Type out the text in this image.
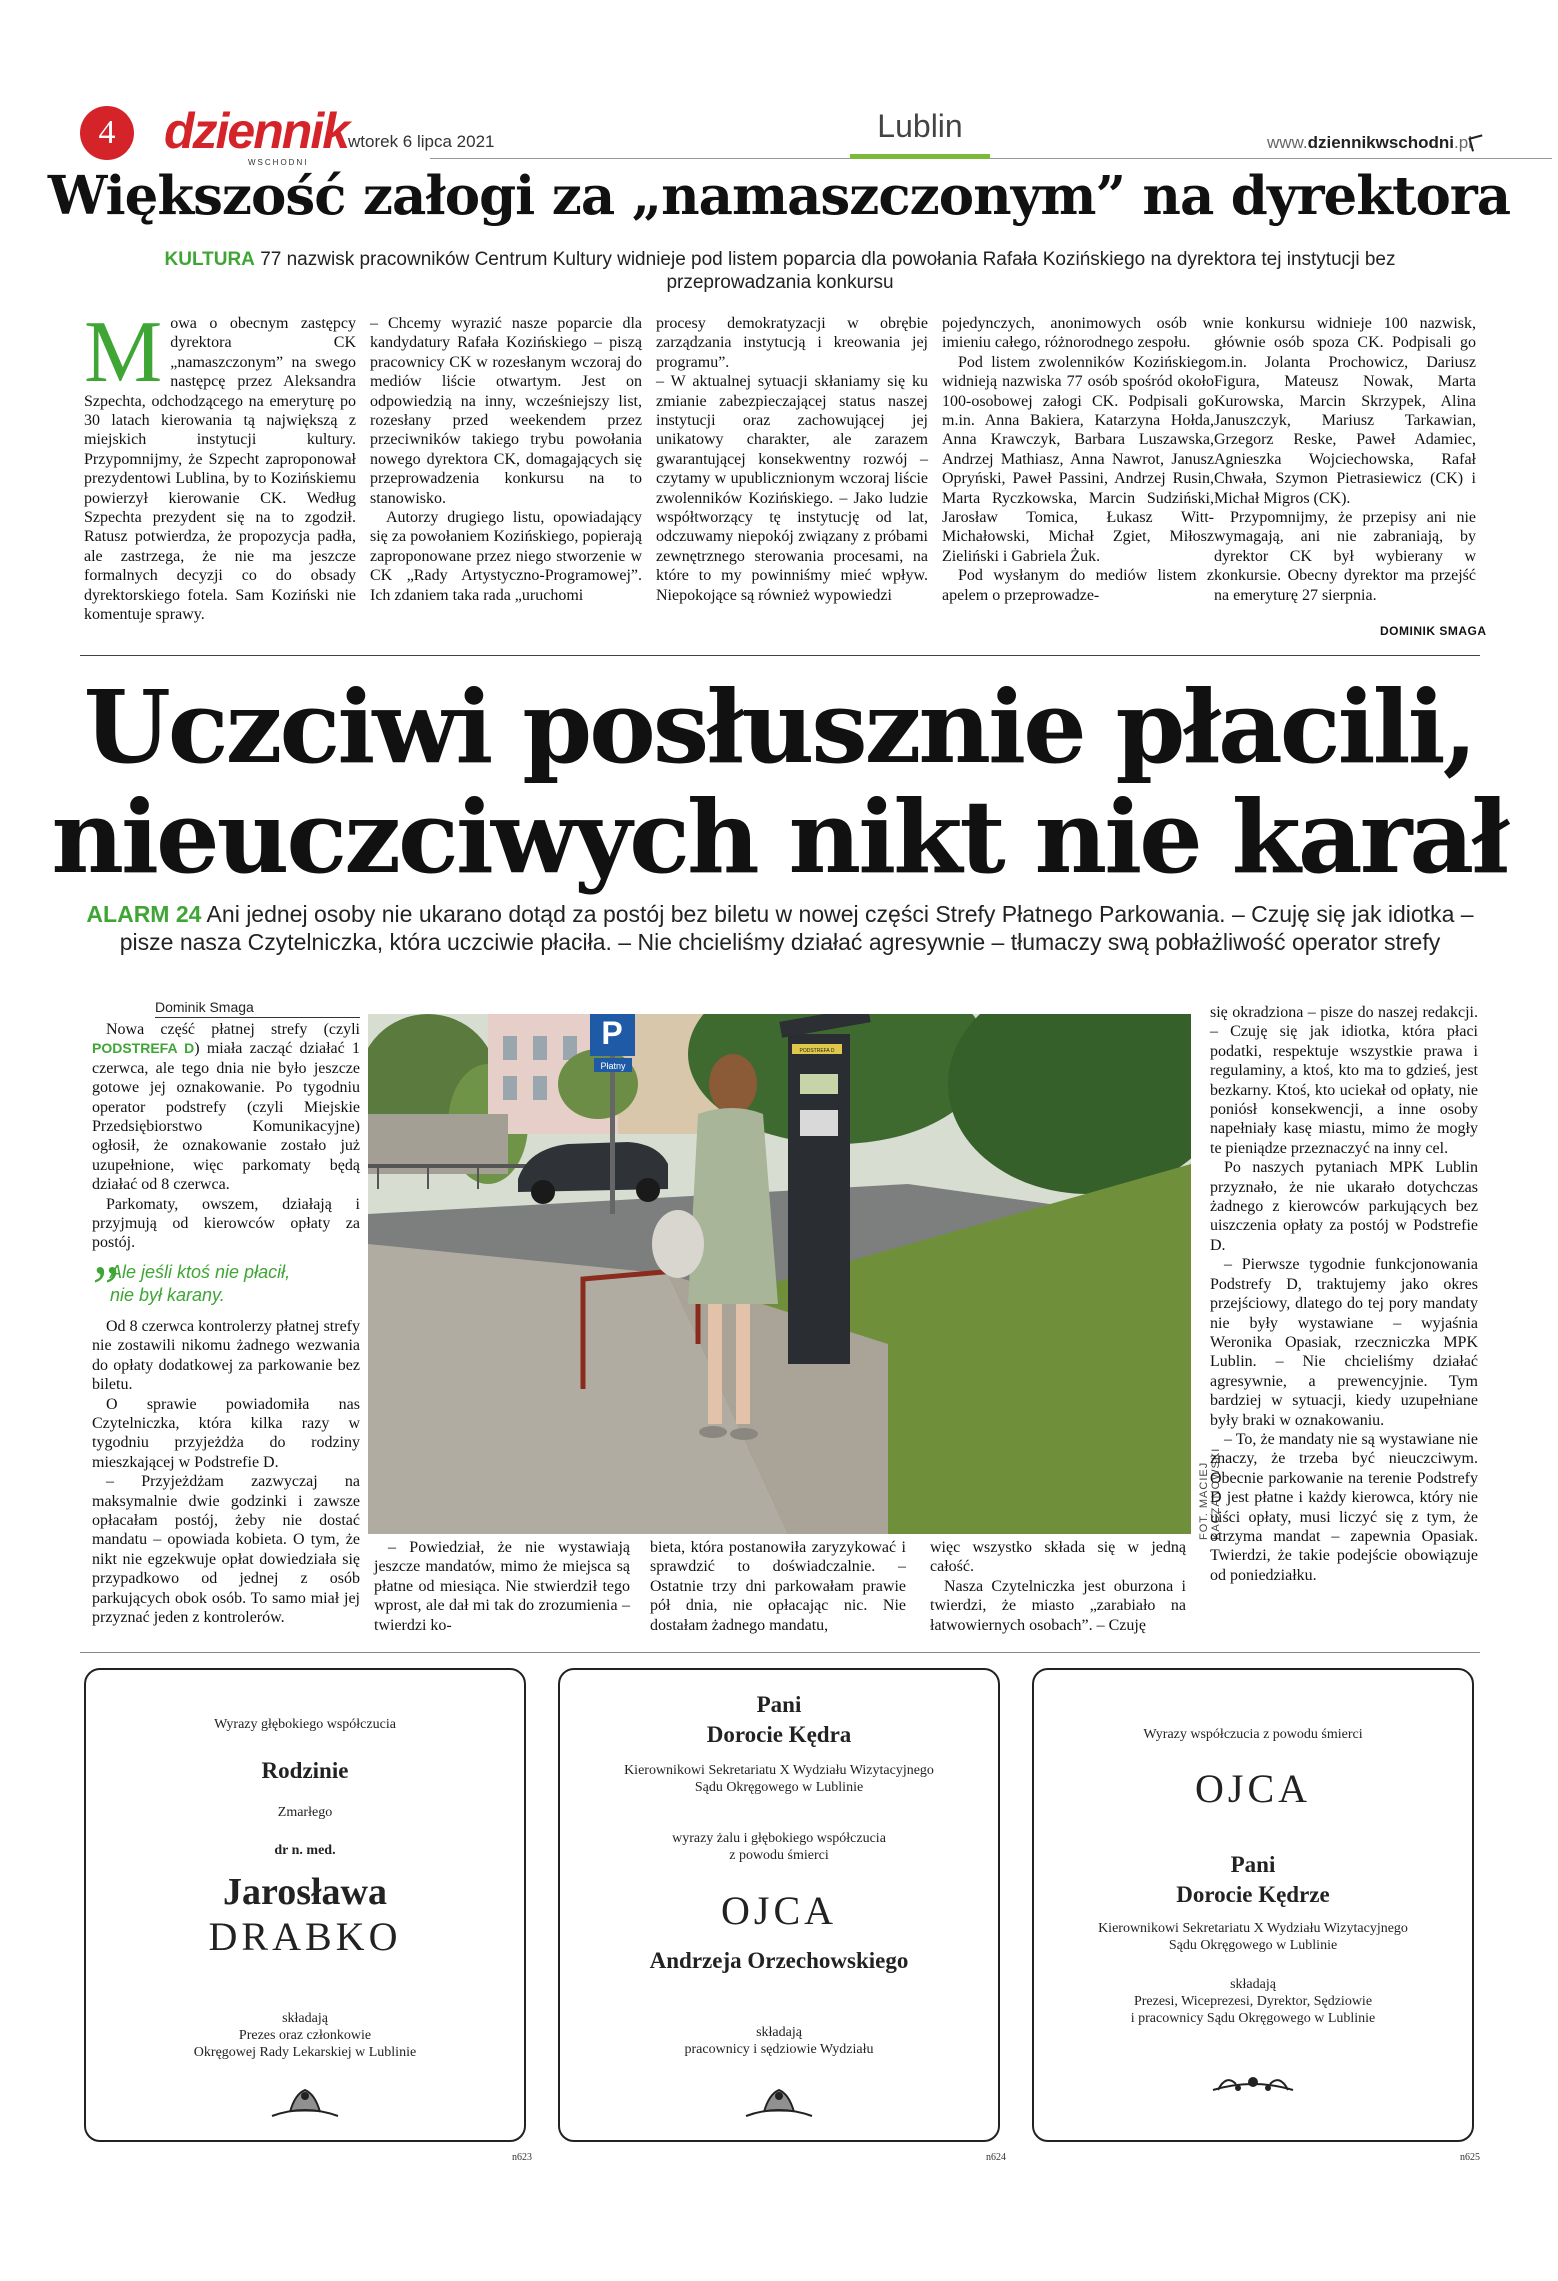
4 dziennik
WSCHODNI
wtorek 6 lipca 2021	Lublin	www.dziennikwschodni.pl
Większość załogi za „namaszczonym” na dyrektora

KULTURA 77 nazwisk pracowników Centrum Kultury widnieje pod listem poparcia dla powołania Rafała Kozińskiego na dyrektora tej instytucji bez przeprowadzania konkursu

Mowa o obecnym zastępcy dyrektora CK „namaszczonym” na swego następcę przez Aleksandra Szpechta, odchodzącego na emeryturę po 30 latach kierowania tą największą z miejskich instytucji kultury. Przypomnijmy, że Szpecht zaproponował prezydentowi Lublina, by to Kozińskiemu powierzył kierowanie CK. Według Szpechta prezydent się na to zgodził. Ratusz potwierdza, że propozycja padła, ale zastrzega, że nie ma jeszcze formalnych decyzji co do obsady dyrektorskiego fotela. Sam Koziński nie komentuje sprawy.

– Chcemy wyrazić nasze poparcie dla kandydatury Rafała Kozińskiego – piszą pracownicy CK w rozesłanym wczoraj do mediów liście otwartym. Jest on odpowiedzią na inny, wcześniejszy list, rozesłany przed weekendem przez przeciwników takiego trybu powołania nowego dyrektora CK, domagających się przeprowadzenia konkursu na to stanowisko.

Autorzy drugiego listu, opowiadający się za powołaniem Kozińskiego, popierają zaproponowane przez niego stworzenie w CK „Rady Artystyczno-Programowej”. Ich zdaniem taka rada „uruchomi

procesy demokratyzacji w obrębie zarządzania instytucją i kreowania jej programu”.

– W aktualnej sytuacji skłaniamy się ku zmianie zabezpieczającej status naszej instytucji oraz zachowującej jej unikatowy charakter, ale zarazem gwarantującej konsekwentny rozwój – czytamy w upublicznionym wczoraj liście zwolenników Kozińskiego. – Jako ludzie współtworzący tę instytucję od lat, odczuwamy niepokój związany z próbami zewnętrznego sterowania procesami, na które to my powinniśmy mieć wpływ. Niepokojące są również wypowiedzi

pojedynczych, anonimowych osób w imieniu całego, różnorodnego zespołu.

Pod listem zwolenników Kozińskiego widnieją nazwiska 77 osób spośród około 100-osobowej załogi CK. Podpisali go m.in. Anna Bakiera, Katarzyna Hołda, Anna Krawczyk, Barbara Luszawska, Andrzej Mathiasz, Anna Nawrot, Janusz Opryński, Paweł Passini, Andrzej Rusin, Marta Ryczkowska, Marcin Sudziński, Jarosław Tomica, Łukasz Witt-Michałowski, Michał Zgiet, Miłosz Zieliński i Gabriela Żuk.

Pod wysłanym do mediów listem z apelem o przeprowadze-

nie konkursu widnieje 100 nazwisk, głównie osób spoza CK. Podpisali go m.in. Jolanta Prochowicz, Dariusz Figura, Mateusz Nowak, Marta Kurowska, Marcin Skrzypek, Alina Januszczyk, Mariusz Tarkawian, Grzegorz Reske, Paweł Adamiec, Agnieszka Wojciechowska, Rafał Chwała, Szymon Pietrasiewicz (CK) i Michał Migros (CK).

Przypomnijmy, że przepisy ani nie wymagają, ani nie zabraniają, by dyrektor CK był wybierany w konkursie. Obecny dyrektor ma przejść na emeryturę 27 sierpnia.

DOMINIK SMAGA
Uczciwi posłusznie płacili,
nieuczciwych nikt nie karał

ALARM 24 Ani jednej osoby nie ukarano dotąd za postój bez biletu w nowej części Strefy Płatnego Parkowania. – Czuję się jak idiotka – pisze nasza Czytelniczka, która uczciwie płaciła. – Nie chcieliśmy działać agresywnie – tłumaczy swą pobłażliwość operator strefy

Dominik Smaga

Nowa część płatnej strefy (czyli PODSTREFA D) miała zacząć działać 1 czerwca, ale tego dnia nie było jeszcze gotowe jej oznakowanie. Po tygodniu operator podstrefy (czyli Miejskie Przedsiębiorstwo Komunikacyjne) ogłosił, że oznakowanie zostało już uzupełnione, więc parkomaty będą działać od 8 czerwca.

Parkomaty, owszem, działają i przyjmują od kierowców opłaty za postój.

”
Ale jeśli ktoś nie płacił,
nie był karany.

Od 8 czerwca kontrolerzy płatnej strefy nie zostawili nikomu żadnego wezwania do opłaty dodatkowej za parkowanie bez biletu.

O sprawie powiadomiła nas Czytelniczka, która kilka razy w tygodniu przyjeżdża do rodziny mieszkającej w Podstrefie D.

– Przyjeżdżam zazwyczaj na maksymalnie dwie godzinki i zawsze opłacałam postój, żeby nie dostać mandatu – opowiada kobieta. O tym, że nikt nie egzekwuje opłat dowiedziała się przypadkowo od jednej z osób parkujących obok osób. To samo miał jej przyznać jeden z kontrolerów.

P
Płatny
PODSTREFA D
FOT. MACIEJ KACZANOWSKI

– Powiedział, że nie wystawiają jeszcze mandatów, mimo że miejsca są płatne od miesiąca. Nie stwierdził tego wprost, ale dał mi tak do zrozumienia – twierdzi ko-

bieta, która postanowiła zaryzykować i sprawdzić to doświadczalnie. – Ostatnie trzy dni parkowałam prawie pół dnia, nie opłacając nic. Nie dostałam żadnego mandatu,

więc wszystko składa się w jedną całość.

Nasza Czytelniczka jest oburzona i twierdzi, że miasto „zarabiało na łatwowiernych osobach”. – Czuję

się okradziona – pisze do naszej redakcji. – Czuję się jak idiotka, która płaci podatki, respektuje wszystkie prawa i regulaminy, a ktoś, kto ma to gdzieś, jest bezkarny. Ktoś, kto uciekał od opłaty, nie poniósł konsekwencji, a inne osoby napełniały kasę miastu, mimo że mogły te pieniądze przeznaczyć na inny cel.

Po naszych pytaniach MPK Lublin przyznało, że nie ukarało dotychczas żadnego z kierowców parkujących bez uiszczenia opłaty za postój w Podstrefie D.

– Pierwsze tygodnie funkcjonowania Podstrefy D, traktujemy jako okres przejściowy, dlatego do tej pory mandaty nie były wystawiane – wyjaśnia Weronika Opasiak, rzeczniczka MPK Lublin. – Nie chcieliśmy działać agresywnie, a prewencyjnie. Tym bardziej w sytuacji, kiedy uzupełniane były braki w oznakowaniu.

– To, że mandaty nie są wystawiane nie znaczy, że trzeba być nieuczciwym. Obecnie parkowanie na terenie Podstrefy D jest płatne i każdy kierowca, który nie uiści opłaty, musi liczyć się z tym, że otrzyma mandat – zapewnia Opasiak. Twierdzi, że takie podejście obowiązuje od poniedziałku.

Wyrazy głębokiego współczucia
Rodzinie
Zmarłego
dr n. med.
Jarosława
DRABKO
składają
Prezes oraz członkowie
Okręgowej Rady Lekarskiej w Lublinie
n623
Pani
Dorocie Kędra
Kierownikowi Sekretariatu X Wydziału Wizytacyjnego
Sądu Okręgowego w Lublinie
wyrazy żalu i głębokiego współczucia
z powodu śmierci
OJCA
Andrzeja Orzechowskiego
składają
pracownicy i sędziowie Wydziału
n624
Wyrazy współczucia z powodu śmierci
OJCA
Pani
Dorocie Kędrze
Kierownikowi Sekretariatu X Wydziału Wizytacyjnego
Sądu Okręgowego w Lublinie
składają
Prezesi, Wiceprezesi, Dyrektor, Sędziowie
i pracownicy Sądu Okręgowego w Lublinie
n625
